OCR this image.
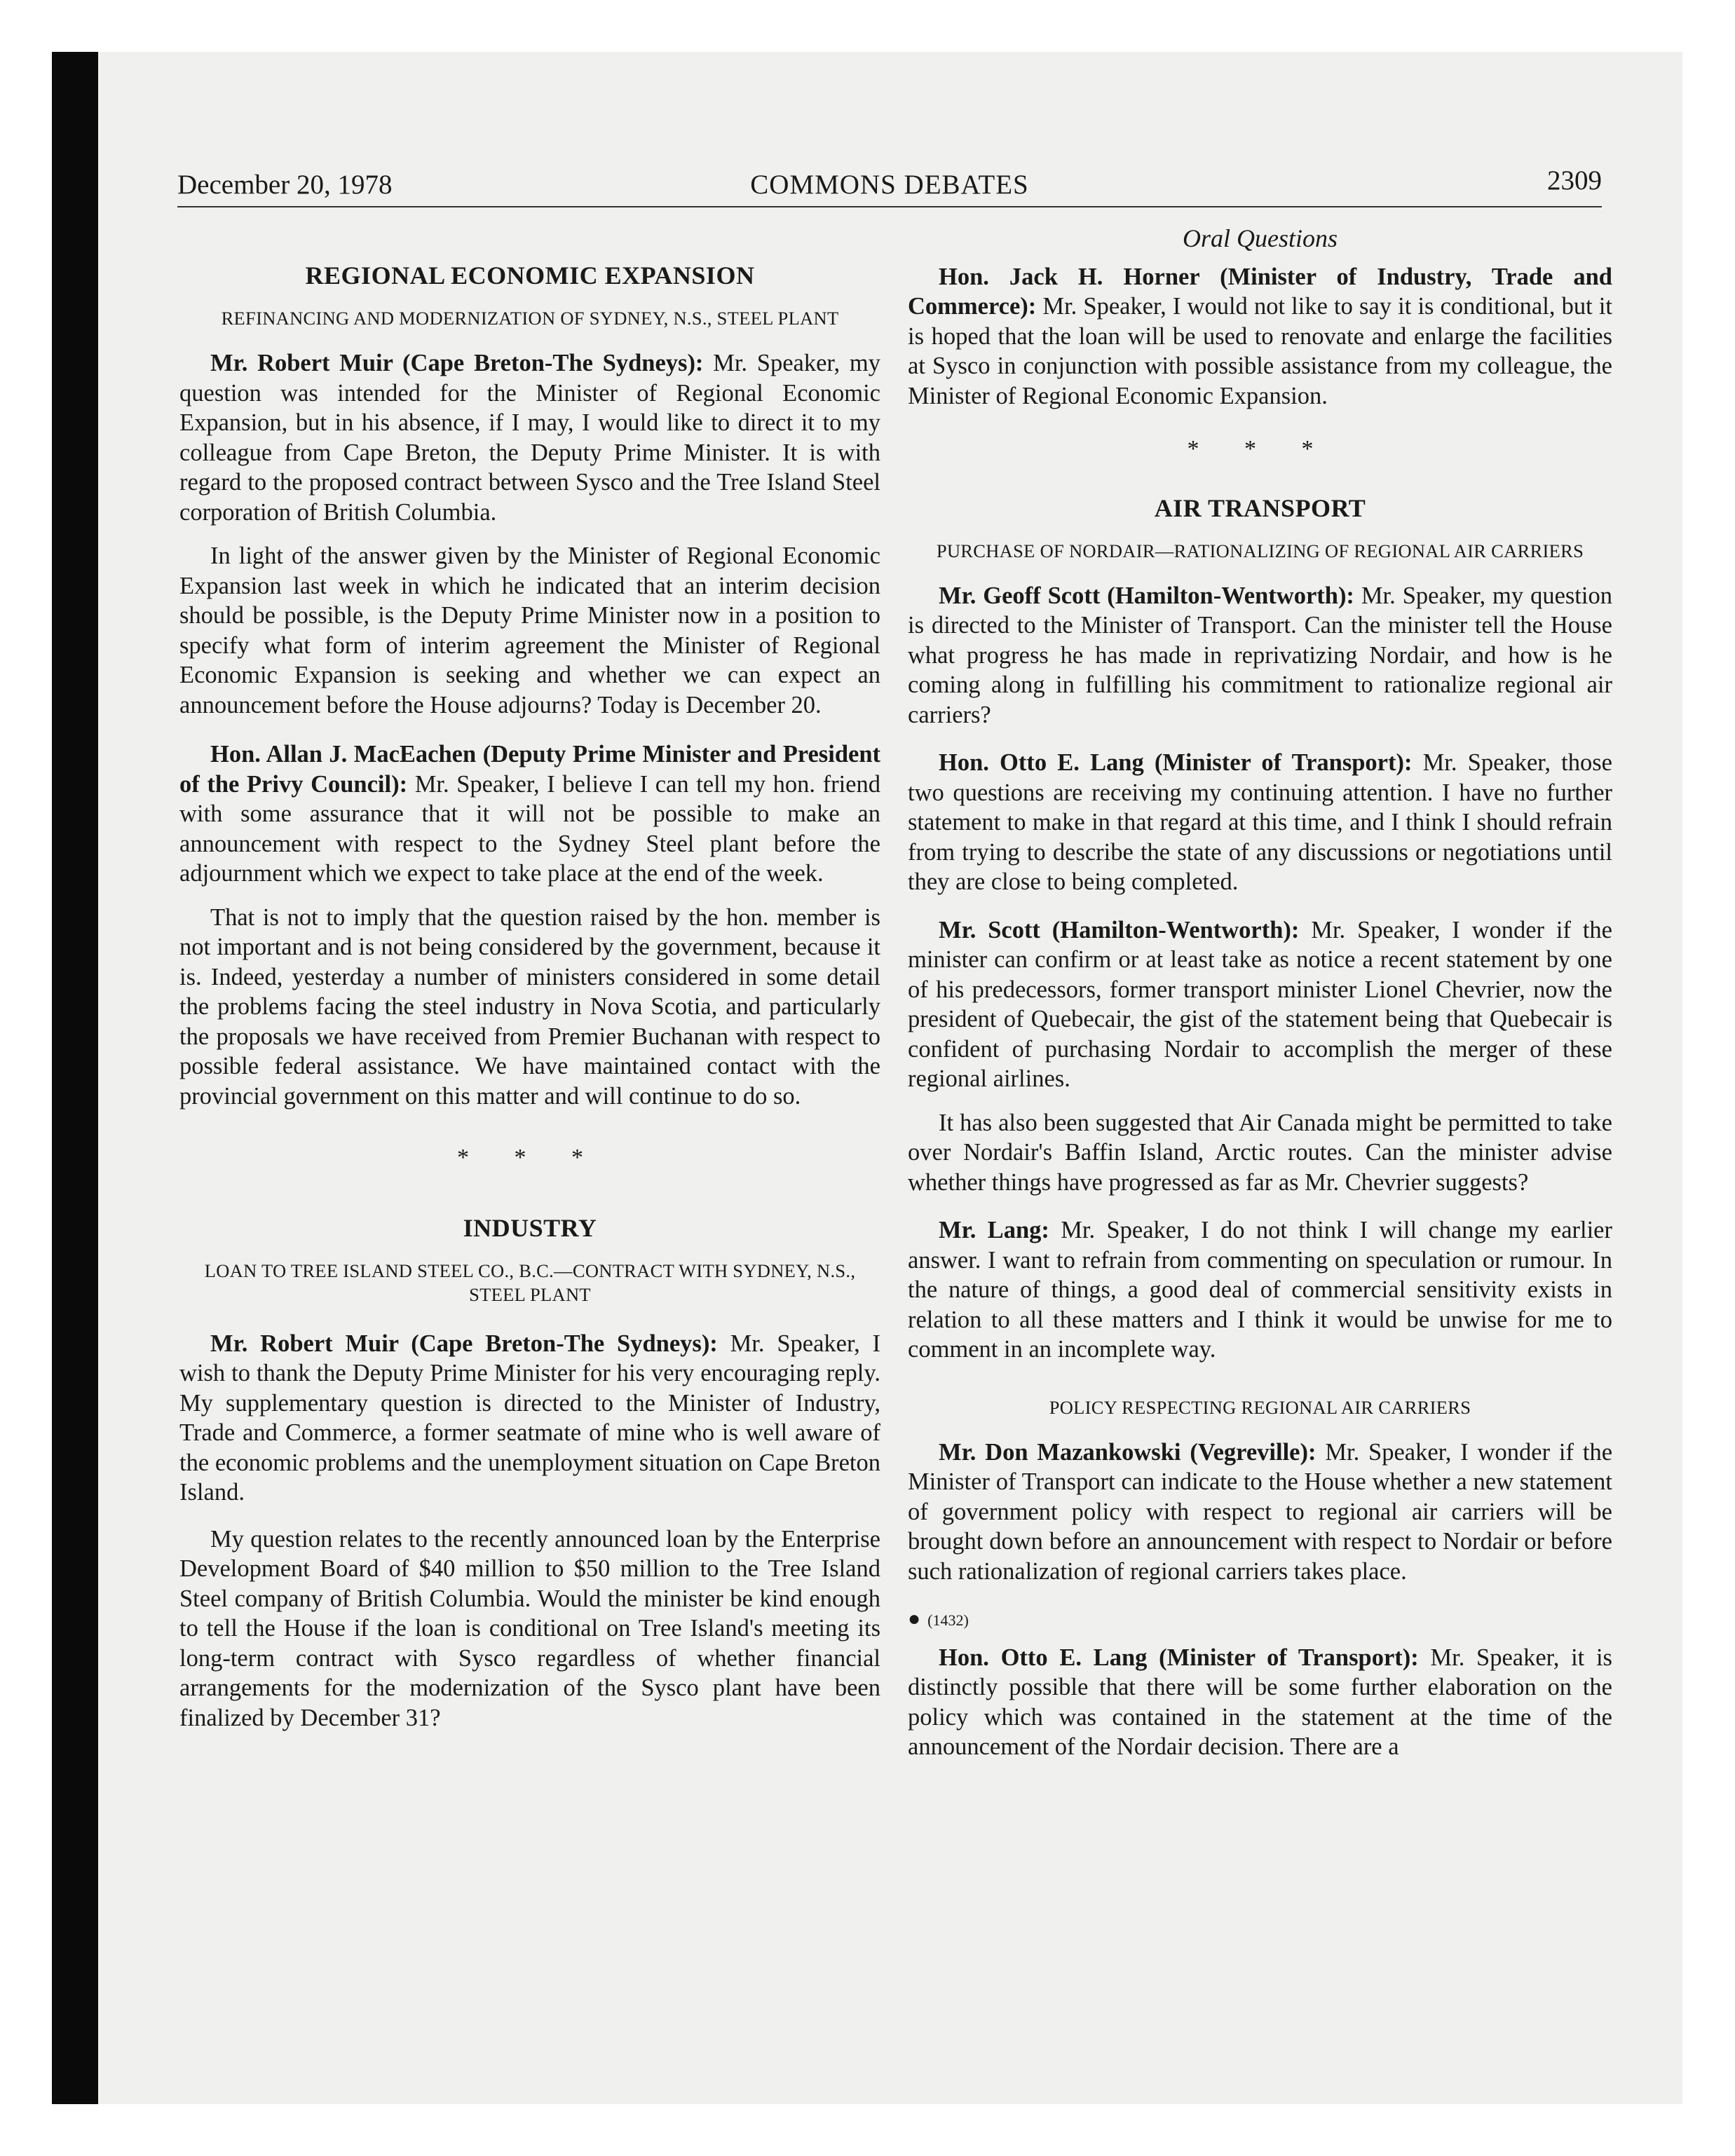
December 20, 1978	COMMONS DEBATES	2309
REGIONAL ECONOMIC EXPANSION
REFINANCING AND MODERNIZATION OF SYDNEY, N.S., STEEL PLANT

Mr. Robert Muir (Cape Breton-The Sydneys): Mr. Speaker, my question was intended for the Minister of Regional Economic Expansion, but in his absence, if I may, I would like to direct it to my colleague from Cape Breton, the Deputy Prime Minister. It is with regard to the proposed contract between Sysco and the Tree Island Steel corporation of British Columbia.

In light of the answer given by the Minister of Regional Economic Expansion last week in which he indicated that an interim decision should be possible, is the Deputy Prime Minister now in a position to specify what form of interim agreement the Minister of Regional Economic Expansion is seeking and whether we can expect an announcement before the House adjourns? Today is December 20.

Hon. Allan J. MacEachen (Deputy Prime Minister and President of the Privy Council): Mr. Speaker, I believe I can tell my hon. friend with some assurance that it will not be possible to make an announcement with respect to the Sydney Steel plant before the adjournment which we expect to take place at the end of the week.

That is not to imply that the question raised by the hon. member is not important and is not being considered by the government, because it is. Indeed, yesterday a number of ministers considered in some detail the problems facing the steel industry in Nova Scotia, and particularly the proposals we have received from Premier Buchanan with respect to possible federal assistance. We have maintained contact with the provincial government on this matter and will continue to do so.

* * *
INDUSTRY
LOAN TO TREE ISLAND STEEL CO., B.C.—CONTRACT WITH SYDNEY, N.S., STEEL PLANT

Mr. Robert Muir (Cape Breton-The Sydneys): Mr. Speaker, I wish to thank the Deputy Prime Minister for his very encouraging reply. My supplementary question is directed to the Minister of Industry, Trade and Commerce, a former seatmate of mine who is well aware of the economic problems and the unemployment situation on Cape Breton Island.

My question relates to the recently announced loan by the Enterprise Development Board of $40 million to $50 million to the Tree Island Steel company of British Columbia. Would the minister be kind enough to tell the House if the loan is conditional on Tree Island's meeting its long-term contract with Sysco regardless of whether financial arrangements for the modernization of the Sysco plant have been finalized by December 31?

Oral Questions

Hon. Jack H. Horner (Minister of Industry, Trade and Commerce): Mr. Speaker, I would not like to say it is conditional, but it is hoped that the loan will be used to renovate and enlarge the facilities at Sysco in conjunction with possible assistance from my colleague, the Minister of Regional Economic Expansion.

* * *
AIR TRANSPORT
PURCHASE OF NORDAIR—RATIONALIZING OF REGIONAL AIR CARRIERS

Mr. Geoff Scott (Hamilton-Wentworth): Mr. Speaker, my question is directed to the Minister of Transport. Can the minister tell the House what progress he has made in reprivatizing Nordair, and how is he coming along in fulfilling his commitment to rationalize regional air carriers?

Hon. Otto E. Lang (Minister of Transport): Mr. Speaker, those two questions are receiving my continuing attention. I have no further statement to make in that regard at this time, and I think I should refrain from trying to describe the state of any discussions or negotiations until they are close to being completed.

Mr. Scott (Hamilton-Wentworth): Mr. Speaker, I wonder if the minister can confirm or at least take as notice a recent statement by one of his predecessors, former transport minister Lionel Chevrier, now the president of Quebecair, the gist of the statement being that Quebecair is confident of purchasing Nordair to accomplish the merger of these regional airlines.

It has also been suggested that Air Canada might be permitted to take over Nordair's Baffin Island, Arctic routes. Can the minister advise whether things have progressed as far as Mr. Chevrier suggests?

Mr. Lang: Mr. Speaker, I do not think I will change my earlier answer. I want to refrain from commenting on speculation or rumour. In the nature of things, a good deal of commercial sensitivity exists in relation to all these matters and I think it would be unwise for me to comment in an incomplete way.

POLICY RESPECTING REGIONAL AIR CARRIERS

Mr. Don Mazankowski (Vegreville): Mr. Speaker, I wonder if the Minister of Transport can indicate to the House whether a new statement of government policy with respect to regional air carriers will be brought down before an announcement with respect to Nordair or before such rationalization of regional carriers takes place.

● (1432)

Hon. Otto E. Lang (Minister of Transport): Mr. Speaker, it is distinctly possible that there will be some further elaboration on the policy which was contained in the statement at the time of the announcement of the Nordair decision. There are a
